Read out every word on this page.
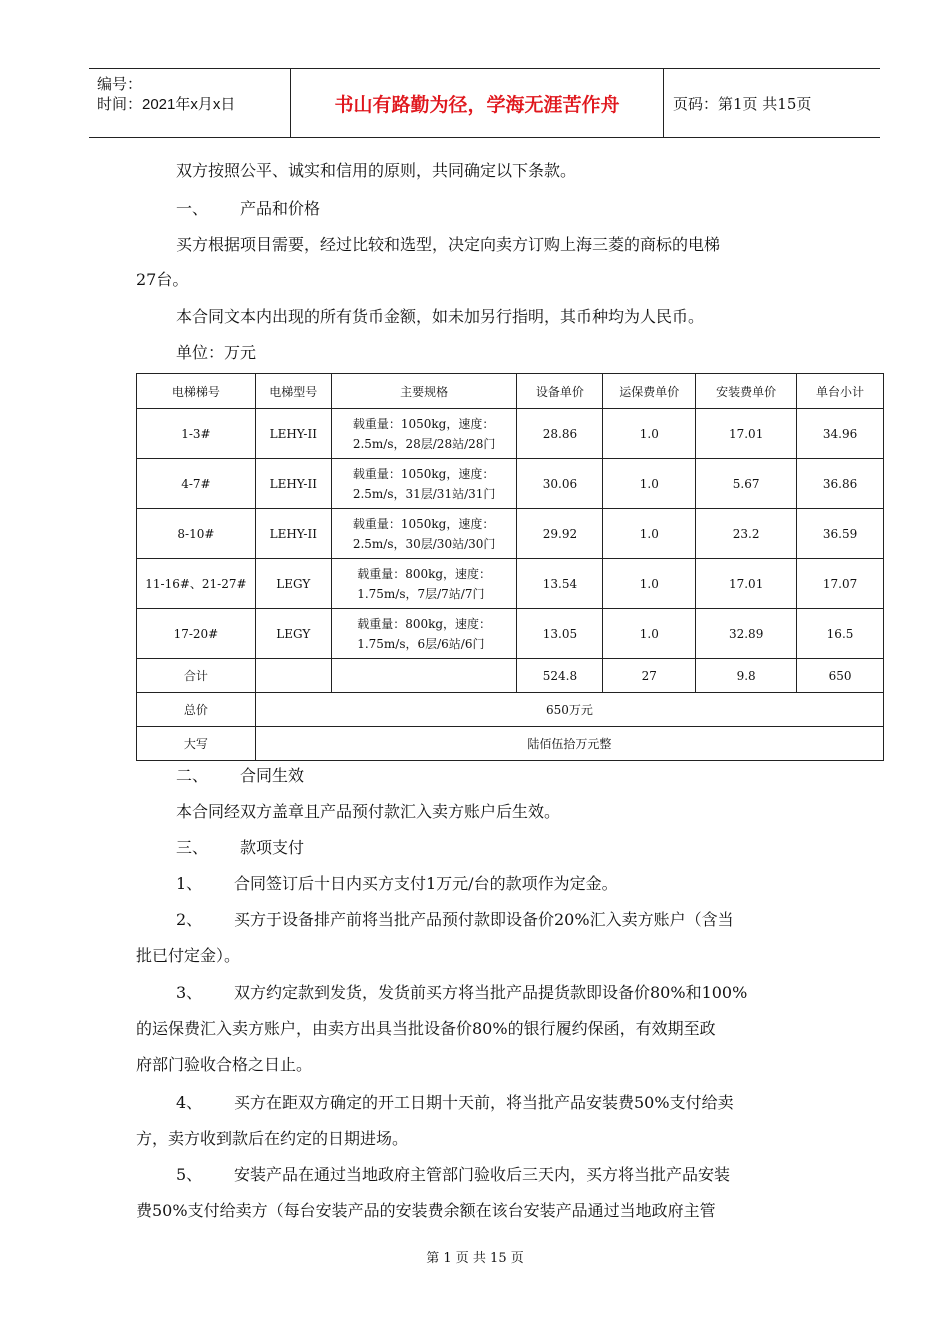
编号：
时间：2021年x月x日	书山有路勤为径，学海无涯苦作舟	页码：第1页 共15页
双方按照公平、诚实和信用的原则，共同确定以下条款。
一、 产品和价格
买方根据项目需要，经过比较和选型，决定向卖方订购上海三菱的商标的电梯
27台。
本合同文本内出现的所有货币金额，如未加另行指明，其币种均为人民币。
单位：万元
电梯梯号	电梯型号	主要规格	设备单价	运保费单价	安装费单价	单台小计
1-3#	LEHY-II	载重量：1050kg，速度：
2.5m/s，28层/28站/28门	28.86	1.0	17.01	34.96
4-7#	LEHY-II	载重量：1050kg，速度：
2.5m/s，31层/31站/31门	30.06	1.0	5.67	36.86
8-10#	LEHY-II	载重量：1050kg，速度：
2.5m/s，30层/30站/30门	29.92	1.0	23.2	36.59
11-16#、21-27#	LEGY	载重量：800kg，速度：
1.75m/s，7层/7站/7门	13.54	1.0	17.01	17.07
17-20#	LEGY	载重量：800kg，速度：
1.75m/s，6层/6站/6门	13.05	1.0	32.89	16.5
合计			524.8	27	9.8	650
总价	650万元					
大写	陆佰伍拾万元整					
二、 合同生效
本合同经双方盖章且产品预付款汇入卖方账户后生效。
三、 款项支付
1、 合同签订后十日内买方支付1万元/台的款项作为定金。
2、 买方于设备排产前将当批产品预付款即设备价20%汇入卖方账户（含当
批已付定金）。
3、 双方约定款到发货，发货前买方将当批产品提货款即设备价80%和100%
的运保费汇入卖方账户，由卖方出具当批设备价80%的银行履约保函，有效期至政
府部门验收合格之日止。
4、 买方在距双方确定的开工日期十天前，将当批产品安装费50%支付给卖
方，卖方收到款后在约定的日期进场。
5、 安装产品在通过当地政府主管部门验收后三天内，买方将当批产品安装
费50%支付给卖方（每台安装产品的安装费余额在该台安装产品通过当地政府主管
第 1 页 共 15 页
